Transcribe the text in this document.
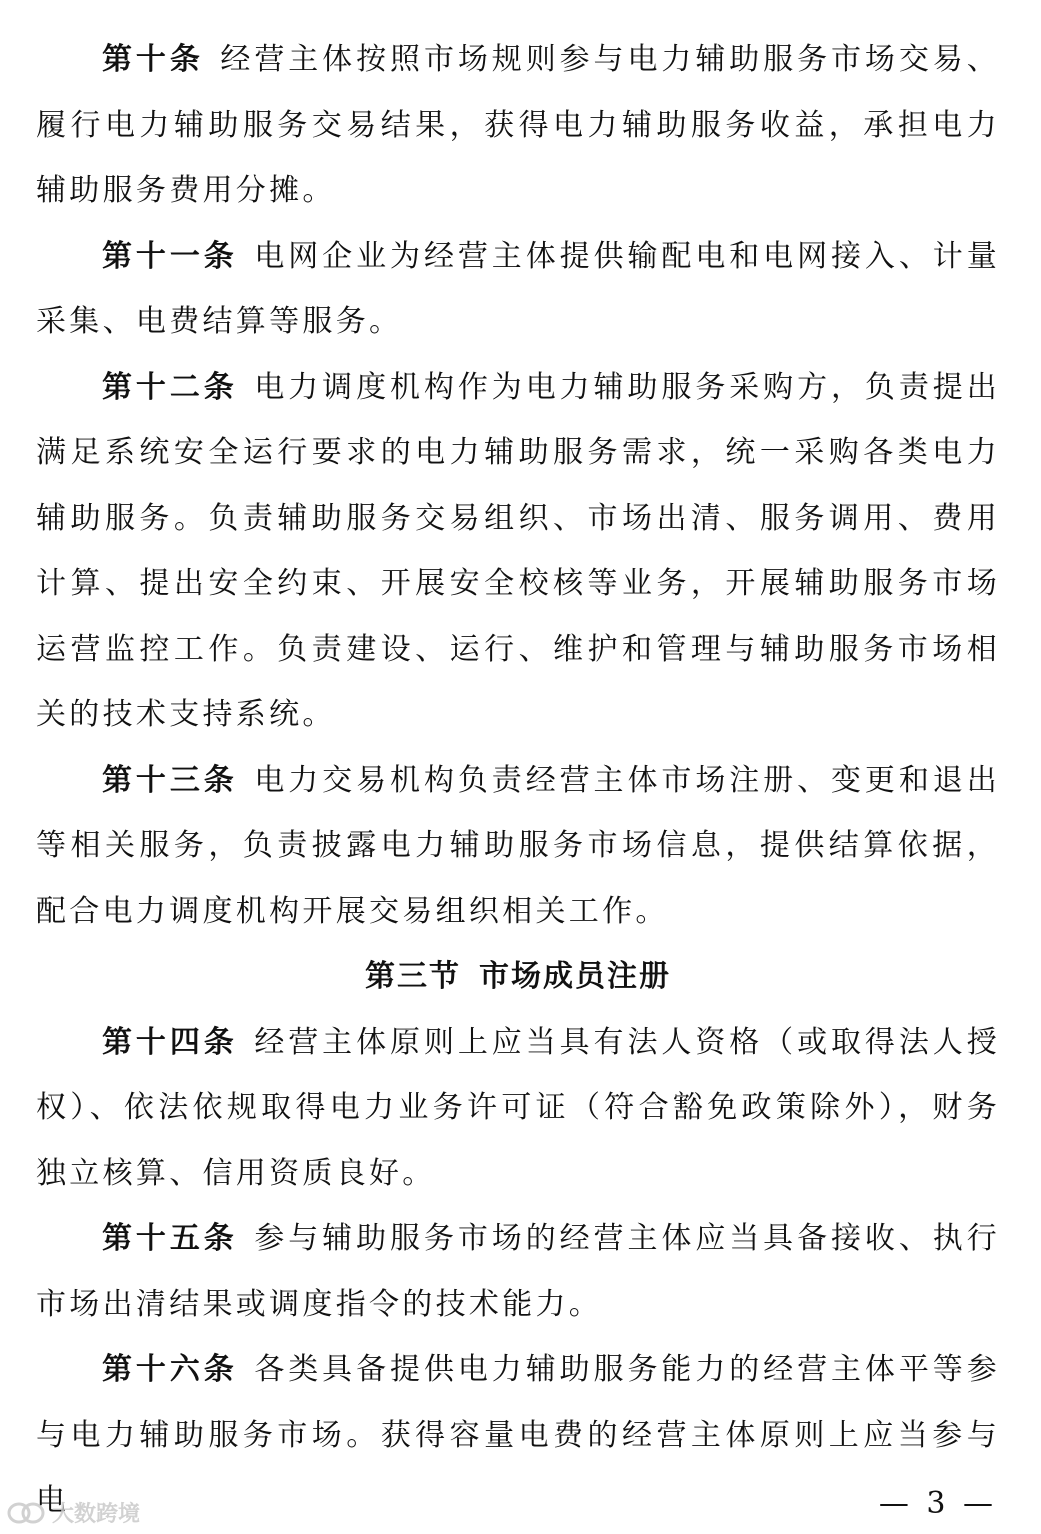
第十条 经营主体按照市场规则参与电力辅助服务市场交易、履行电力辅助服务交易结果，获得电力辅助服务收益，承担电力辅助服务费用分摊。

第十一条 电网企业为经营主体提供输配电和电网接入、计量采集、电费结算等服务。

第十二条 电力调度机构作为电力辅助服务采购方，负责提出满足系统安全运行要求的电力辅助服务需求，统一采购各类电力辅助服务。负责辅助服务交易组织、市场出清、服务调用、费用计算、提出安全约束、开展安全校核等业务，开展辅助服务市场运营监控工作。负责建设、运行、维护和管理与辅助服务市场相关的技术支持系统。

第十三条 电力交易机构负责经营主体市场注册、变更和退出等相关服务，负责披露电力辅助服务市场信息，提供结算依据，配合电力调度机构开展交易组织相关工作。

第三节 市场成员注册

第十四条 经营主体原则上应当具有法人资格（或取得法人授权）、依法依规取得电力业务许可证（符合豁免政策除外），财务独立核算、信用资质良好。

第十五条 参与辅助服务市场的经营主体应当具备接收、执行市场出清结果或调度指令的技术能力。

第十六条 各类具备提供电力辅助服务能力的经营主体平等参与电力辅助服务市场。获得容量电费的经营主体原则上应当参与电

大数跨境	— 3 —
